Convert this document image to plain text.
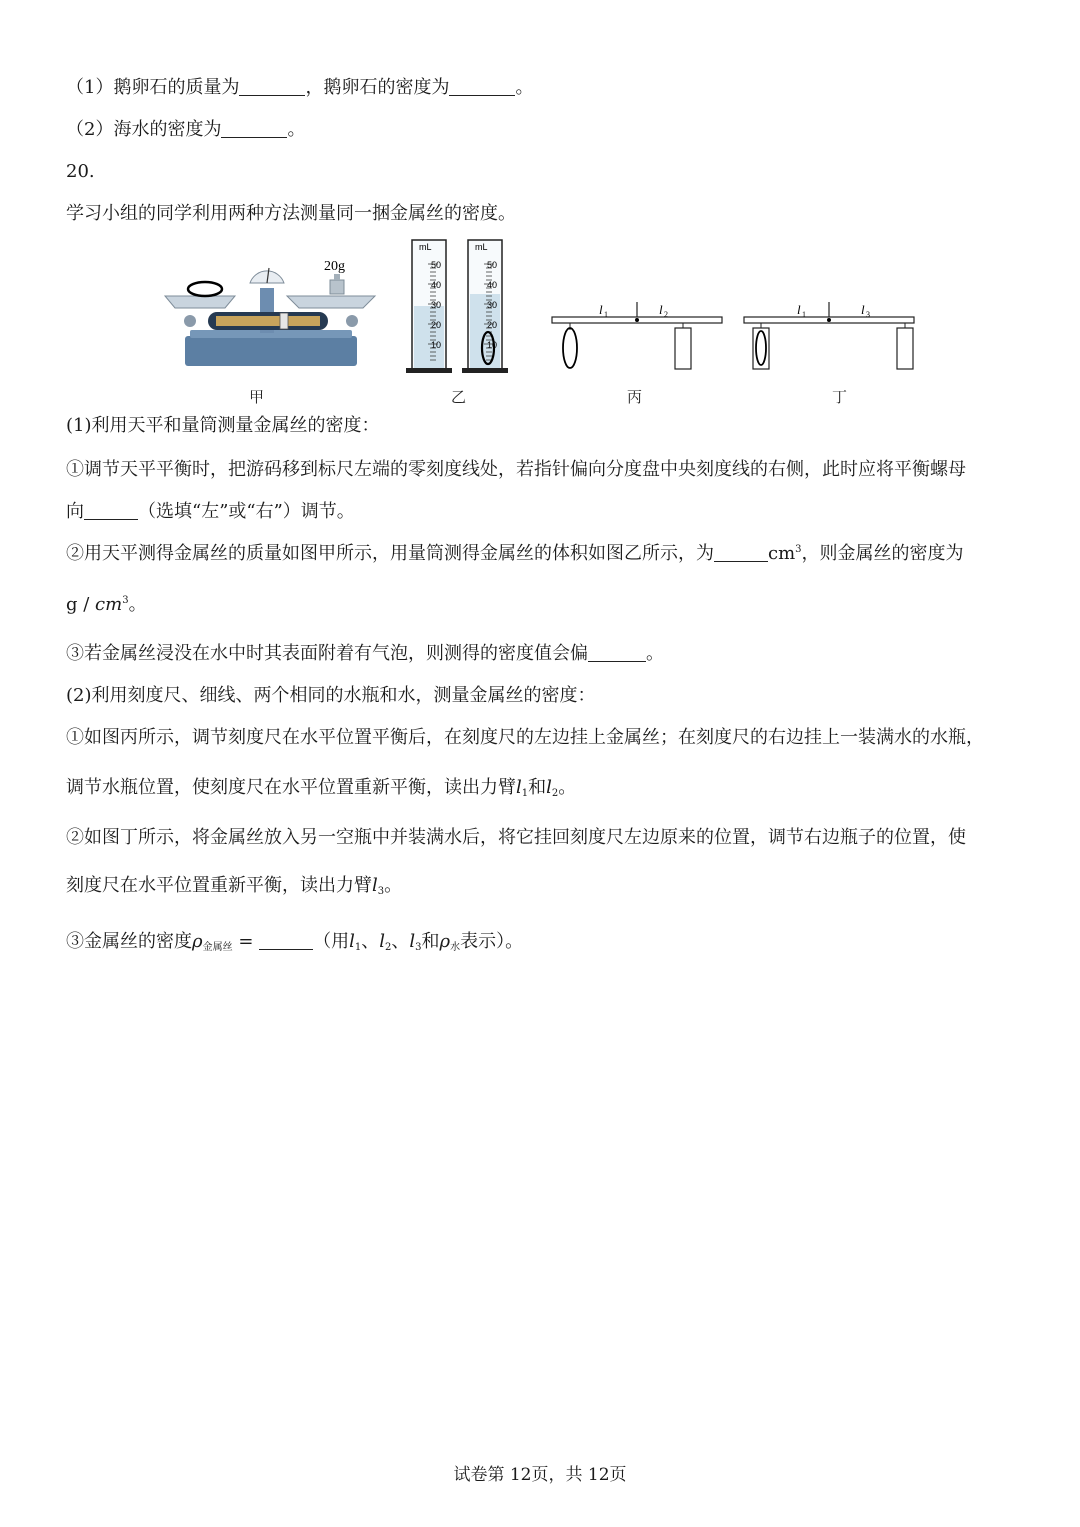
（1）鹅卵石的质量为	，鹅卵石的密度为	。
（2）海水的密度为	。
20.
学习小组的同学利用两种方法测量同一捆金属丝的密度。
20g
mL
50
40
30
20
10
mL
50
40
30
20
10
l 1	l 2	l 1	l 3
甲	乙	丙	丁
(1)利用天平和量筒测量金属丝的密度：
①调节天平平衡时，把游码移到标尺左端的零刻度线处，若指针偏向分度盘中央刻度线的右侧，此时应将平衡螺母
向	（选填“左”或“右”）调节。
②用天平测得金属丝的质量如图甲所示，用量筒测得金属丝的体积如图乙所示，为	$cm^3$，则金属丝的密度为
g / $cm^3$。
③若金属丝浸没在水中时其表面附着有气泡，则测得的密度值会偏	。
(2)利用刻度尺、细线、两个相同的水瓶和水，测量金属丝的密度：
①如图丙所示，调节刻度尺在水平位置平衡后，在刻度尺的左边挂上金属丝；在刻度尺的右边挂上一装满水的水瓶，
调节水瓶位置，使刻度尺在水平位置重新平衡，读出力臂$l_1$和$l_2$。
②如图丁所示，将金属丝放入另一空瓶中并装满水后，将它挂回刻度尺左边原来的位置，调节右边瓶子的位置，使
刻度尺在水平位置重新平衡，读出力臂$l_3$。
③金属丝的密度$\rho_{金属丝}$ =	（用$l_1$、$l_2$、$l_3$和$\rho_水$表示）。
试卷第 12页，共 12页
